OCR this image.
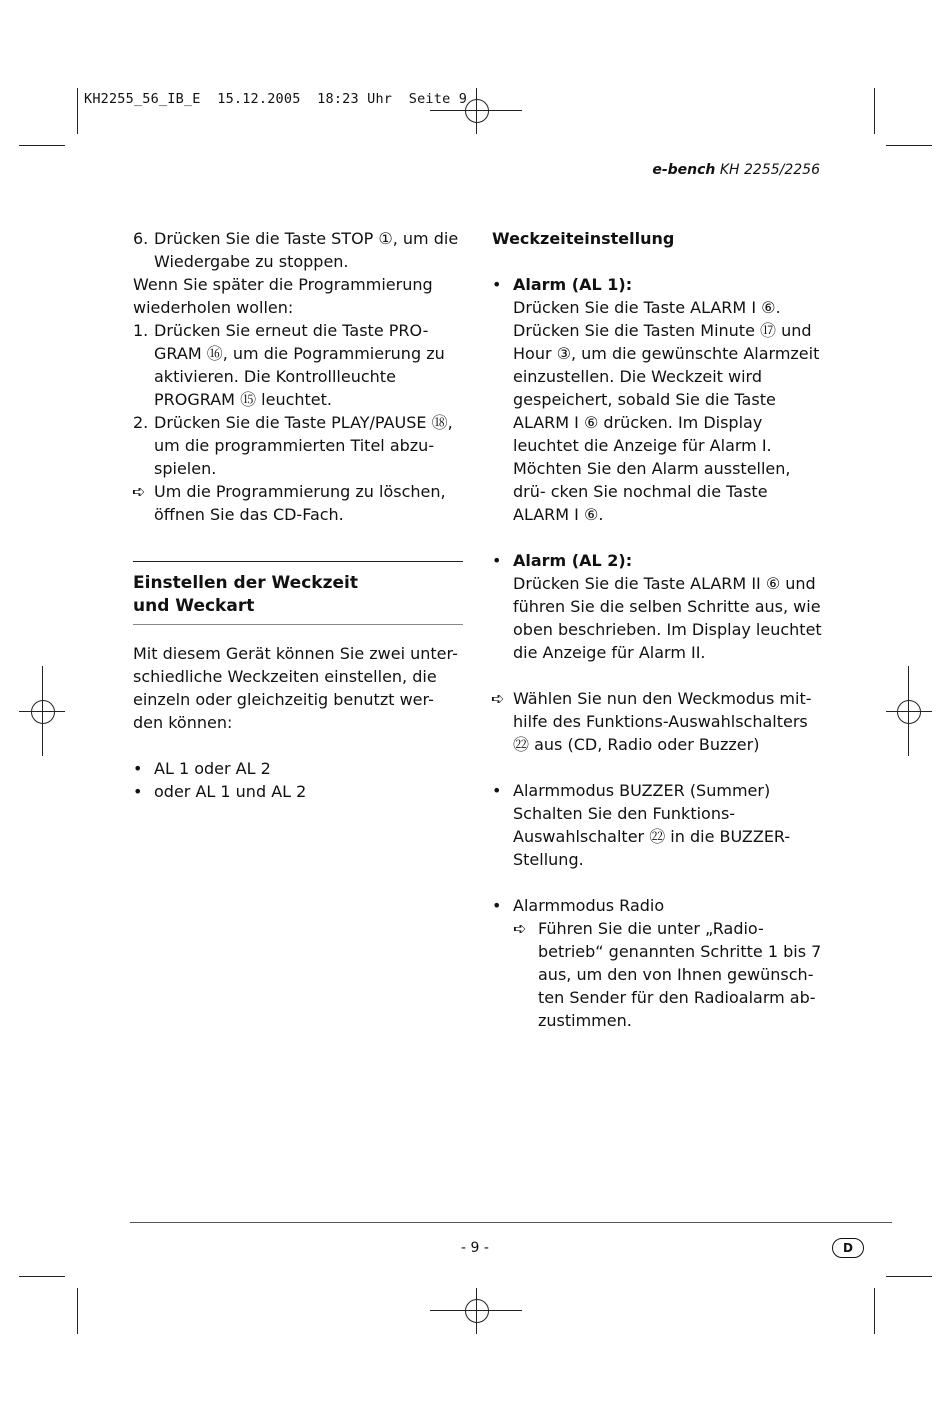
KH2255_56_IB_E  15.12.2005  18:23 Uhr  Seite 9
e-bench KH 2255/2256
6. Drücken Sie die Taste STOP ①, um die Wiedergabe zu stoppen.

Wenn Sie später die Programmierung wiederholen wollen:

1. Drücken Sie erneut die Taste PRO- GRAM ⑯, um die Pogrammierung zu aktivieren. Die Kontrollleuchte PROGRAM ⑮ leuchtet.
2. Drücken Sie die Taste PLAY/PAUSE ⑱, um die programmierten Titel abzu- spielen.
➪ Um die Programmierung zu löschen, öffnen Sie das CD-Fach.
Einstellen der Weckzeit
und Weckart

Mit diesem Gerät können Sie zwei unter- schiedliche Weckzeiten einstellen, die einzeln oder gleichzeitig benutzt wer- den können:

• AL 1 oder AL 2
• oder AL 1 und AL 2
Weckzeiteinstellung
• Alarm (AL 1):
Drücken Sie die Taste ALARM I ⑥. Drücken Sie die Tasten Minute ⑰ und Hour ③, um die gewünschte Alarmzeit einzustellen. Die Weckzeit wird gespeichert, sobald Sie die Taste ALARM I ⑥ drücken. Im Display leuchtet die Anzeige für Alarm I. Möchten Sie den Alarm ausstellen, drü- cken Sie nochmal die Taste ALARM I ⑥.
• Alarm (AL 2):
Drücken Sie die Taste ALARM II ⑥ und führen Sie die selben Schritte aus, wie oben beschrieben. Im Display leuchtet die Anzeige für Alarm II.
➪ Wählen Sie nun den Weckmodus mit- hilfe des Funktions-Auswahlschalters ㉒ aus (CD, Radio oder Buzzer)
• Alarmmodus BUZZER (Summer)
Schalten Sie den Funktions- Auswahlschalter ㉒ in die BUZZER- Stellung.
• Alarmmodus Radio
➪ Führen Sie die unter „Radio- betrieb“ genannten Schritte 1 bis 7 aus, um den von Ihnen gewünsch- ten Sender für den Radioalarm ab- zustimmen.
- 9 -	D
